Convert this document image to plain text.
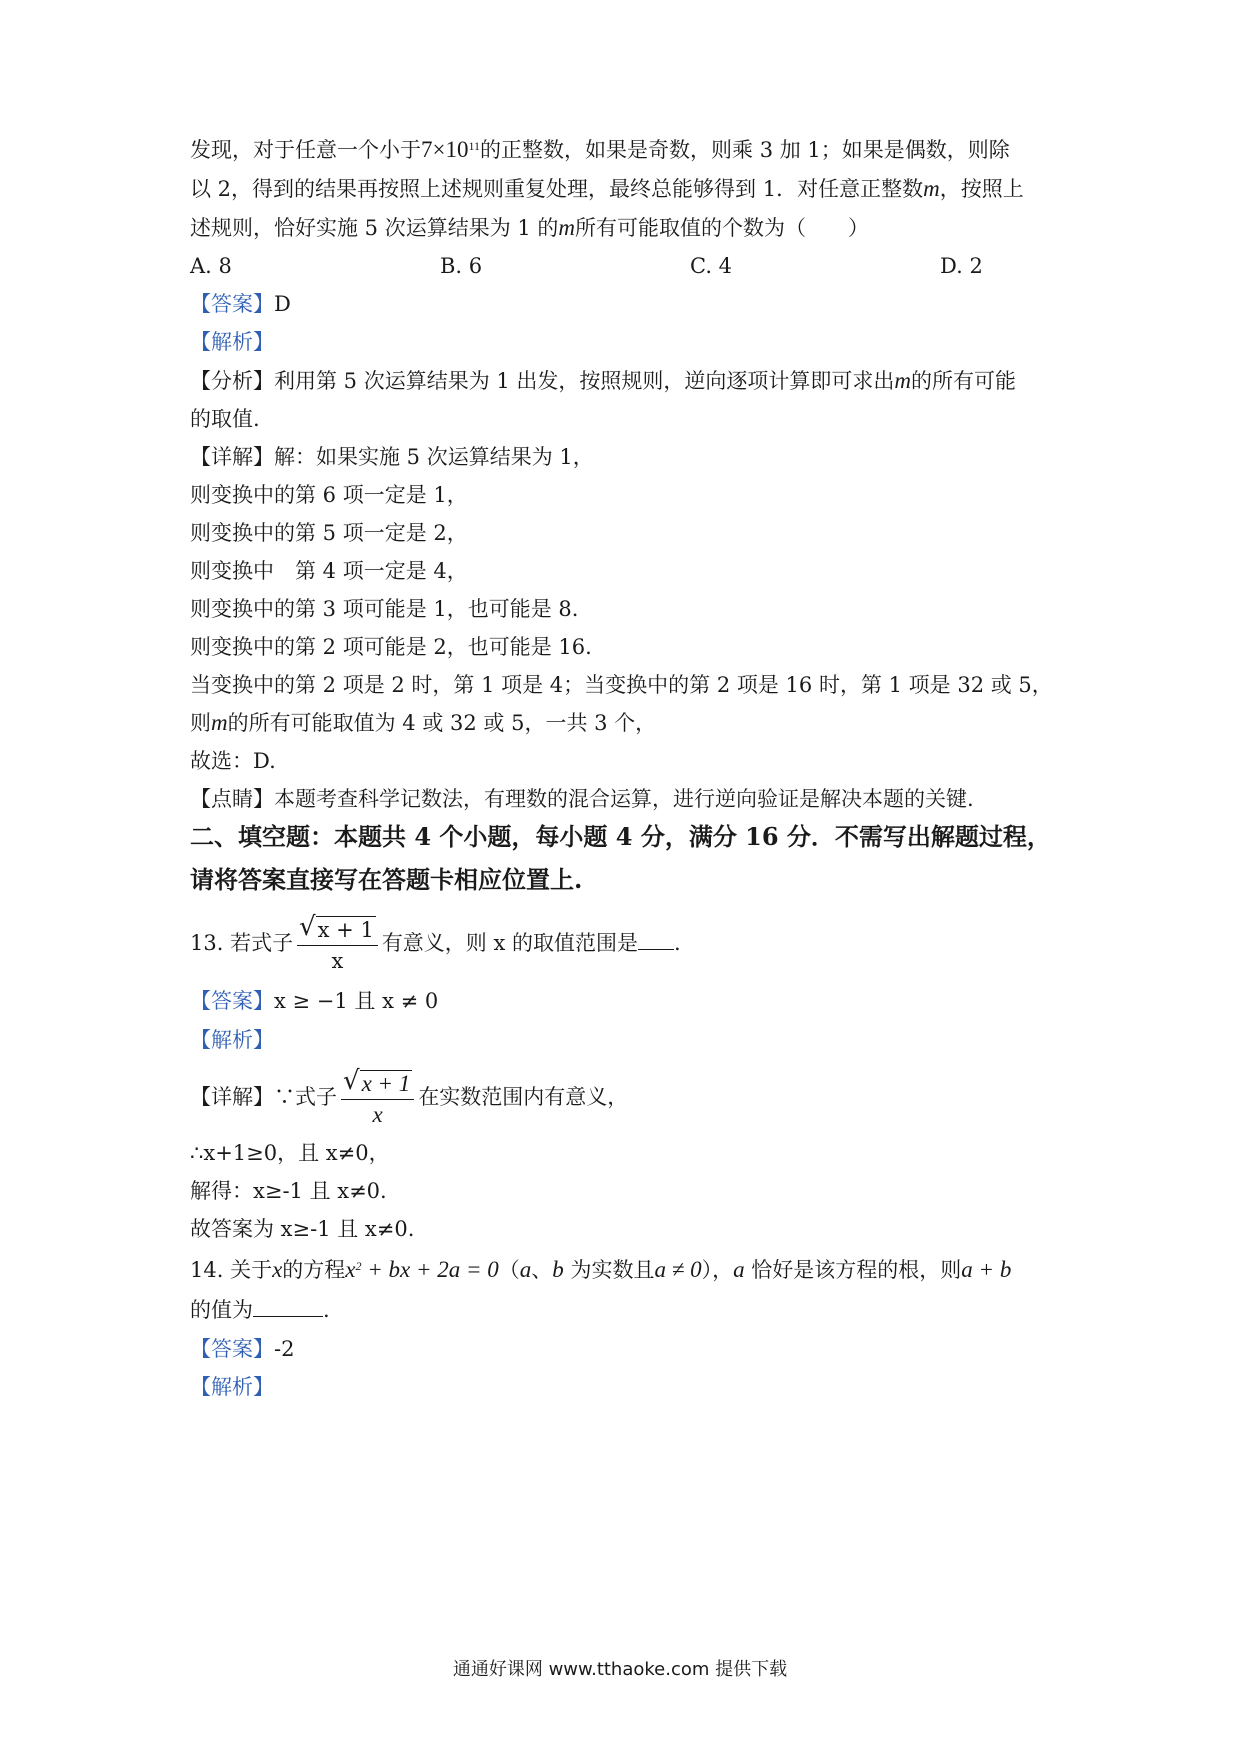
发现，对于任意一个小于$7\times 10^{11}$的正整数，如果是奇数，则乘 3 加 1；如果是偶数，则除
以 2，得到的结果再按照上述规则重复处理，最终总能够得到 1．对任意正整数m，按照上
述规则，恰好实施 5 次运算结果为 1 的m所有可能取值的个数为（　　）
A. 8	B. 6	C. 4	D. 2
【答案】D
【解析】
【分析】利用第 5 次运算结果为 1 出发，按照规则，逆向逐项计算即可求出m的所有可能
的取值.
【详解】解：如果实施 5 次运算结果为 1，
则变换中的第 6 项一定是 1，
则变换中的第 5 项一定是 2，
则变换中　第 4 项一定是 4，
则变换中的第 3 项可能是 1，也可能是 8.
则变换中的第 2 项可能是 2，也可能是 16.
当变换中的第 2 项是 2 时，第 1 项是 4；当变换中的第 2 项是 16 时，第 1 项是 32 或 5，
则m的所有可能取值为 4 或 32 或 5，一共 3 个，
故选：D.
【点睛】本题考查科学记数法，有理数的混合运算，进行逆向验证是解决本题的关键.
二、填空题：本题共 4 个小题，每小题 4 分，满分 16 分．不需写出解题过程，
请将答案直接写在答题卡相应位置上.
13. 若式子 $\frac{√ x + 1}{x}$ 有意义，则 x 的取值范围是 .
【答案】x ≥ −1 且 x ≠ 0
【解析】
【详解】∵式子 $\frac{√ x + 1}{x}$ 在实数范围内有意义，
∴x+1≥0，且 x≠0，
解得：x≥-1 且 x≠0.
故答案为 x≥-1 且 x≠0.
14. 关于x的方程$x^2$ + bx + 2a = 0（a、b 为实数且a ≠ 0），a 恰好是该方程的根，则a + b
的值为	.
【答案】-2
【解析】
通通好课网 www.tthaoke.com 提供下载
